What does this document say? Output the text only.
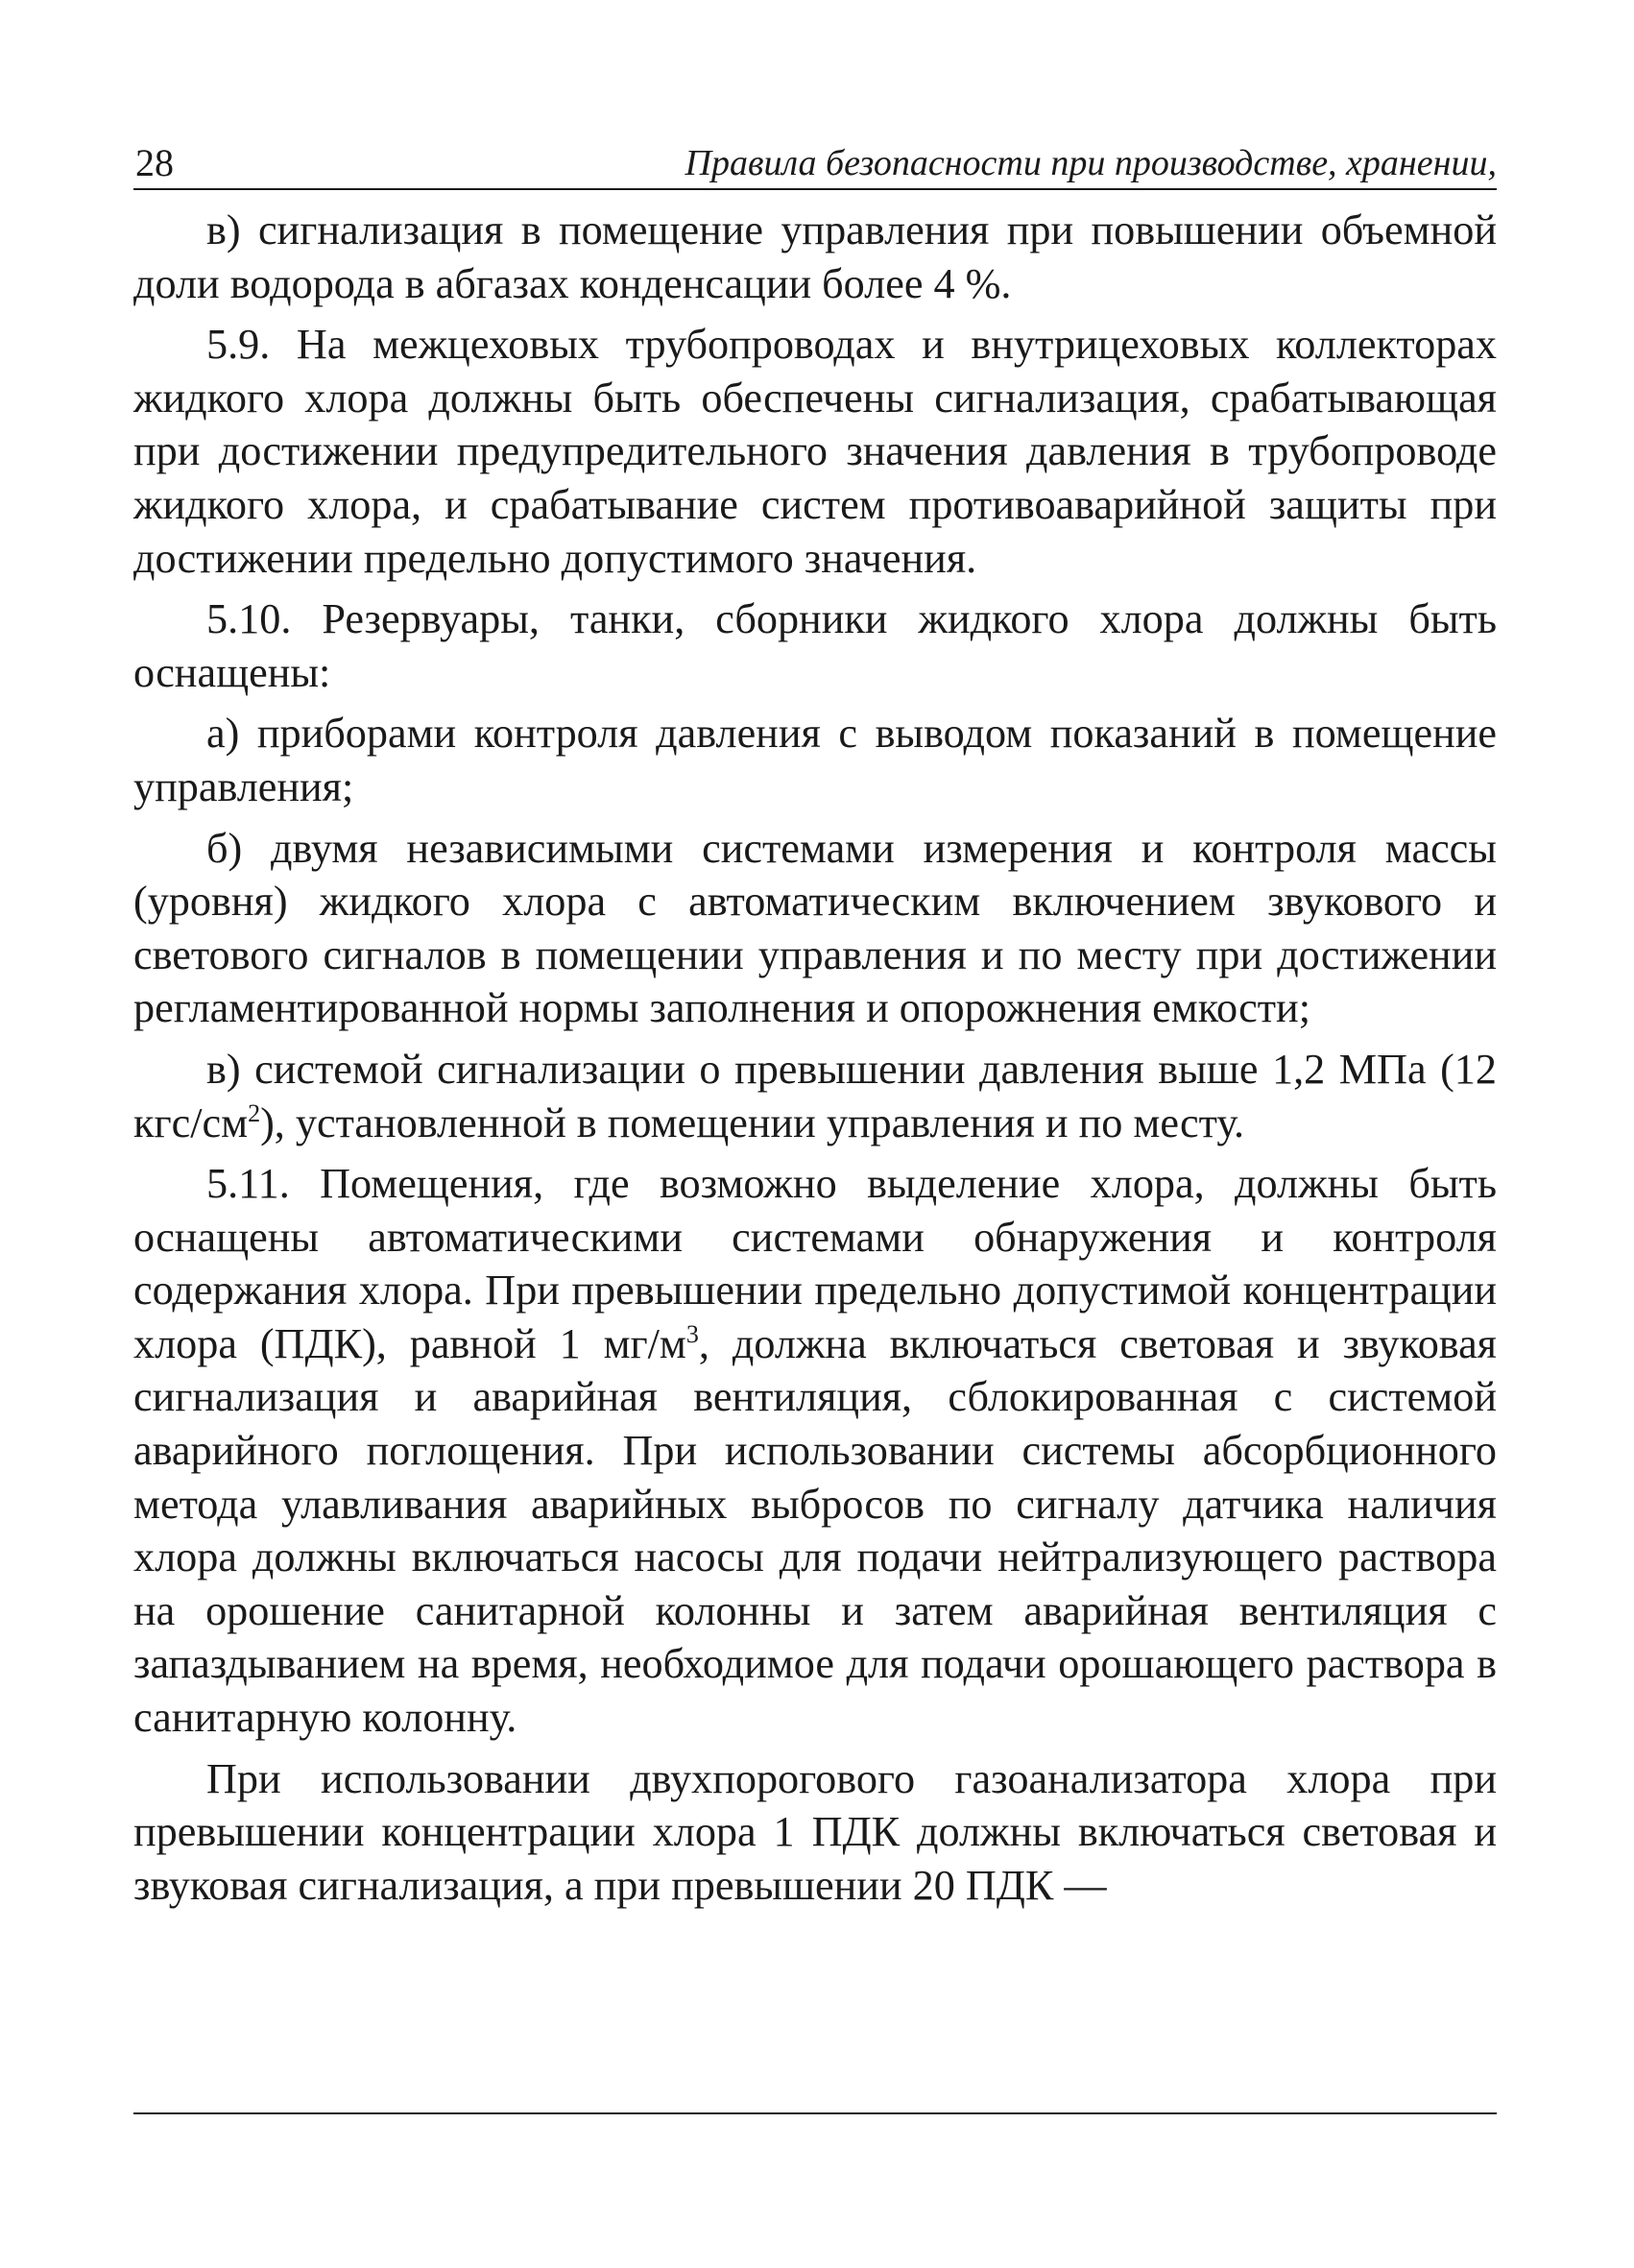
28	Правила безопасности при производстве, хранении,

в) сигнализация в помещение управления при повышении объемной доли водорода в абгазах конденсации более 4 %.

5.9. На межцеховых трубопроводах и внутрицеховых коллекторах жидкого хлора должны быть обеспечены сигнализация, срабатывающая при достижении предупредительного значения давления в трубопроводе жидкого хлора, и срабатывание систем противоаварийной защиты при достижении предельно допустимого значения.

5.10. Резервуары, танки, сборники жидкого хлора должны быть оснащены:

а) приборами контроля давления с выводом показаний в помещение управления;

б) двумя независимыми системами измерения и контроля массы (уровня) жидкого хлора с автоматическим включением звукового и светового сигналов в помещении управления и по месту при достижении регламентированной нормы заполнения и опорожнения емкости;

в) системой сигнализации о превышении давления выше 1,2 МПа (12 кгс/$см^2$), установленной в помещении управления и по месту.

5.11. Помещения, где возможно выделение хлора, должны быть оснащены автоматическими системами обнаружения и контроля содержания хлора. При превышении предельно допустимой концентрации хлора (ПДК), равной 1 $мг/м^3$, должна включаться световая и звуковая сигнализация и аварийная вентиляция, сблокированная с системой аварийного поглощения. При использовании системы абсорбционного метода улавливания аварийных выбросов по сигналу датчика наличия хлора должны включаться насосы для подачи нейтрализующего раствора на орошение санитарной колонны и затем аварийная вентиляция с запаздыванием на время, необходимое для подачи орошающего раствора в санитарную колонну.

При использовании двухпорогового газоанализатора хлора при превышении концентрации хлора 1 ПДК должны включаться световая и звуковая сигнализация, а при превышении 20 ПДК —
